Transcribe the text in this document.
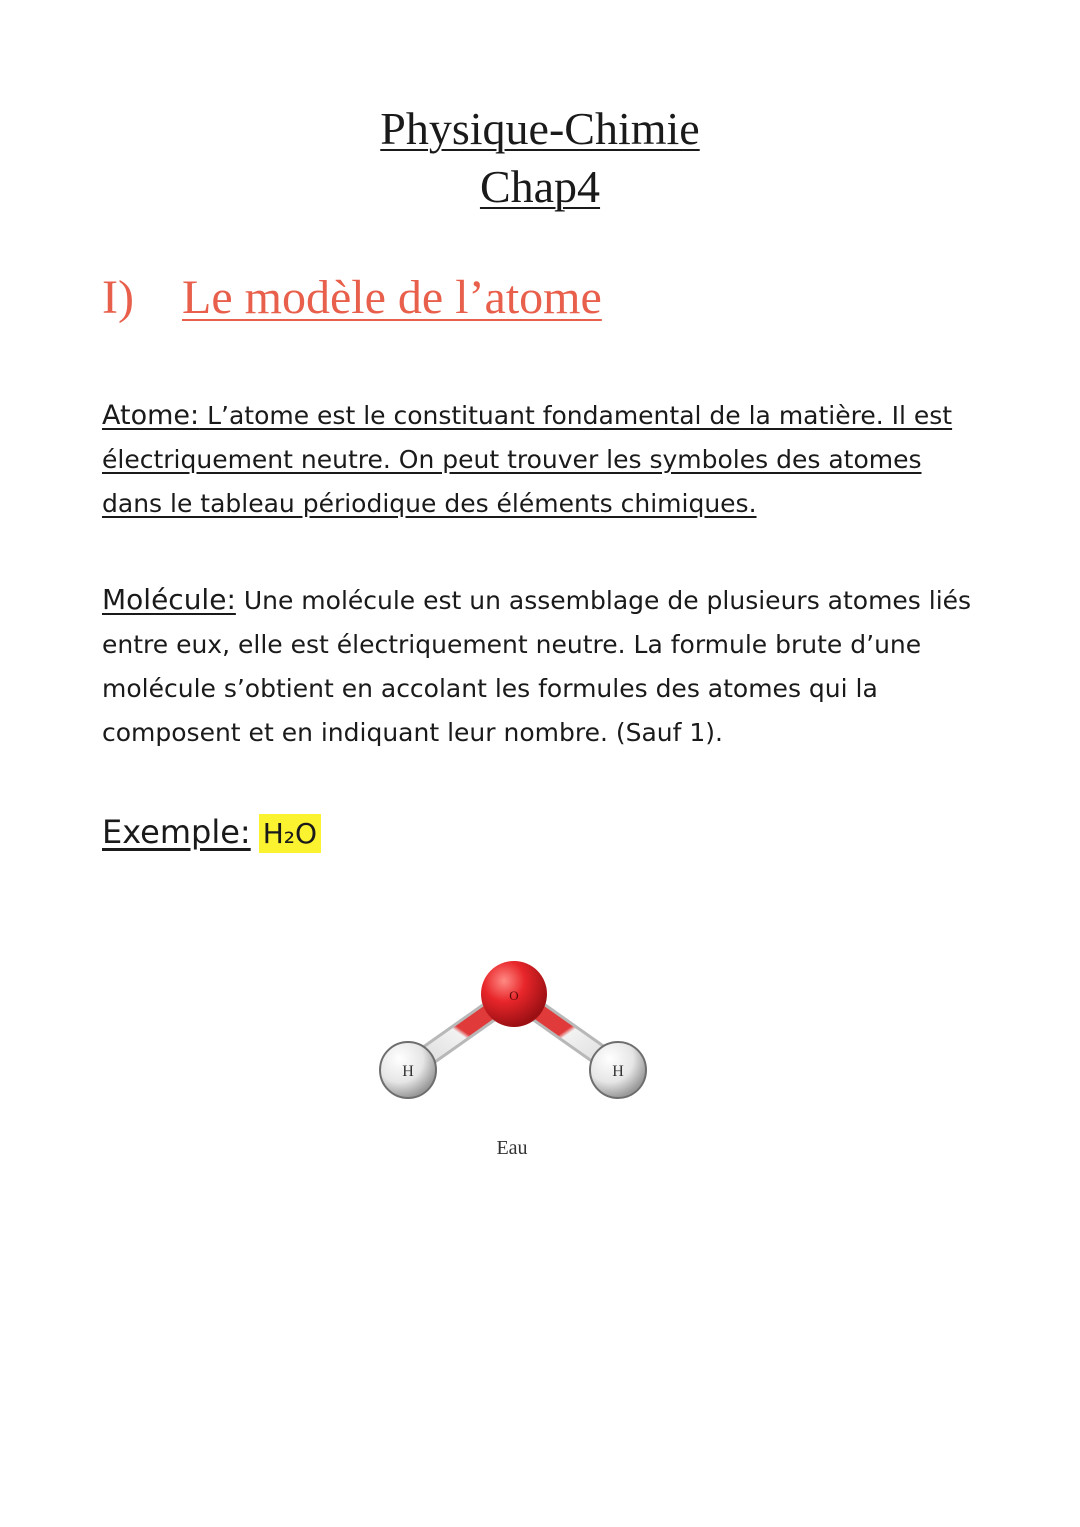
Physique-Chimie
Chap4
I) Le modèle de l’atome
Atome: L’atome est le constituant fondamental de la matière. Il est électriquement neutre. On peut trouver les symboles des atomes dans le tableau périodique des éléments chimiques.
Molécule: Une molécule est un assemblage de plusieurs atomes liés entre eux, elle est électriquement neutre. La formule brute d’une molécule s’obtient en accolant les formules des atomes qui la composent et en indiquant leur nombre. (Sauf 1).
Exemple: H₂O
H	H
O
Eau
